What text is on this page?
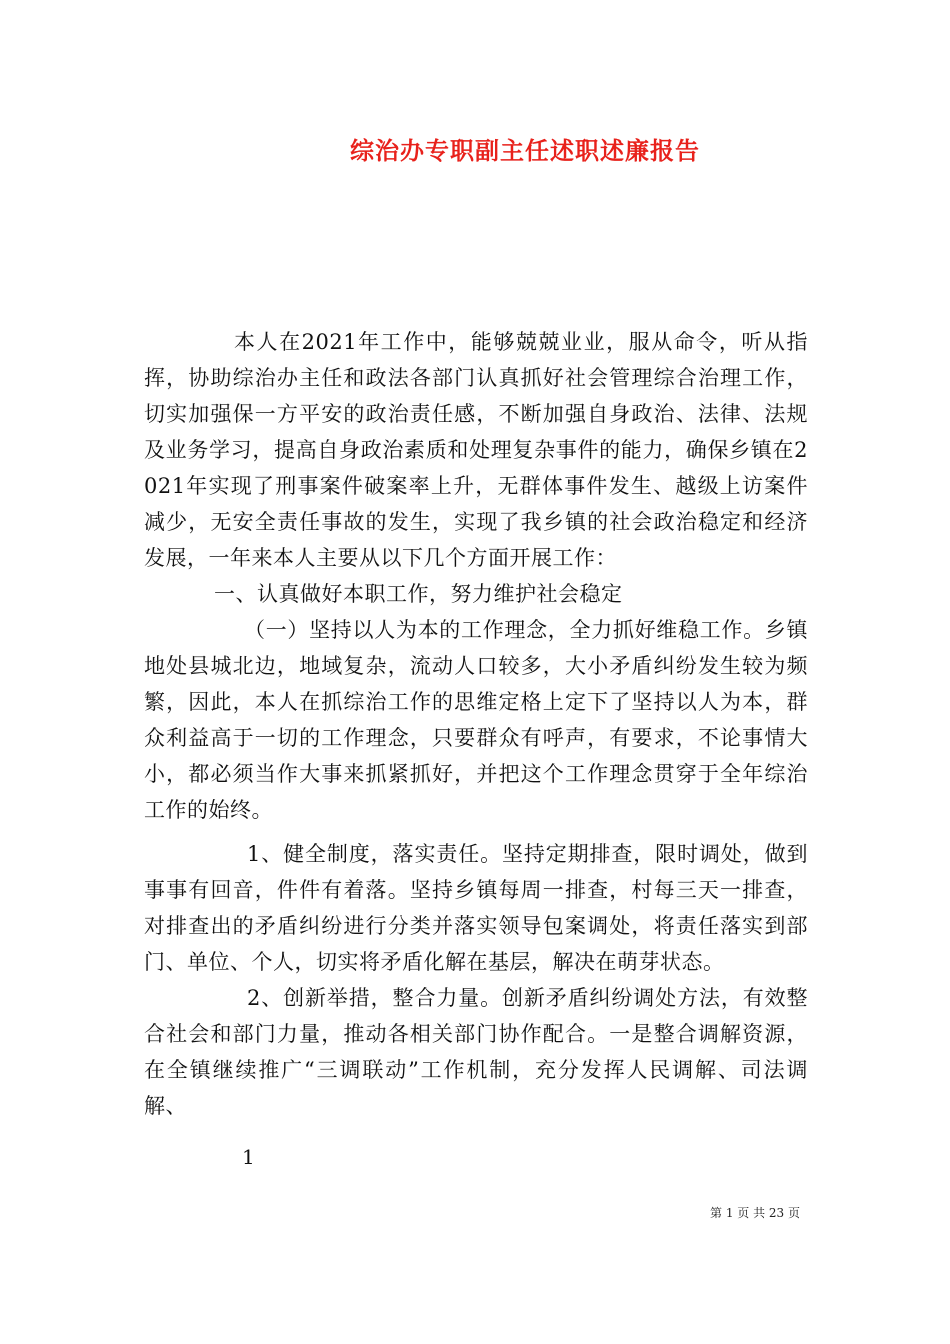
综治办专职副主任述职述廉报告

本人在2021年工作中，能够兢兢业业，服从命令，听从指挥，协助综治办主任和政法各部门认真抓好社会管理综合治理工作，切实加强保一方平安的政治责任感，不断加强自身政治、法律、法规及业务学习，提高自身政治素质和处理复杂事件的能力，确保乡镇在2021年实现了刑事案件破案率上升，无群体事件发生、越级上访案件减少，无安全责任事故的发生，实现了我乡镇的社会政治稳定和经济发展，一年来本人主要从以下几个方面开展工作：

一、认真做好本职工作，努力维护社会稳定

（一）坚持以人为本的工作理念，全力抓好维稳工作。乡镇地处县城北边，地域复杂，流动人口较多，大小矛盾纠纷发生较为频繁，因此，本人在抓综治工作的思维定格上定下了坚持以人为本，群众利益高于一切的工作理念，只要群众有呼声，有要求，不论事情大小，都必须当作大事来抓紧抓好，并把这个工作理念贯穿于全年综治工作的始终。

1、健全制度，落实责任。坚持定期排查，限时调处，做到事事有回音，件件有着落。坚持乡镇每周一排查，村每三天一排查，对排查出的矛盾纠纷进行分类并落实领导包案调处，将责任落实到部门、单位、个人，切实将矛盾化解在基层，解决在萌芽状态。

2、创新举措，整合力量。创新矛盾纠纷调处方法，有效整合社会和部门力量，推动各相关部门协作配合。一是整合调解资源，在全镇继续推广“三调联动”工作机制，充分发挥人民调解、司法调解、

1
第 1 页 共 23 页
